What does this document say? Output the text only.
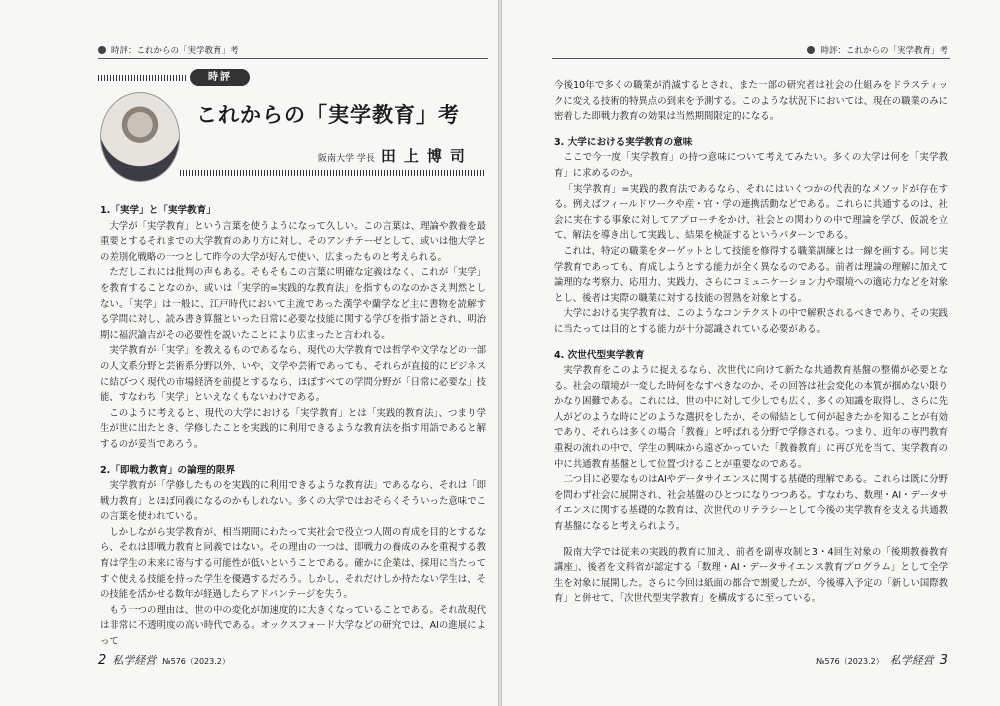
時評：これからの「実学教育」考
時評
これからの「実学教育」考
阪南大学 学長 田上博司
1.「実学」と「実学教育」

大学が「実学教育」という言葉を使うようになって久しい。この言葉は、理論や教養を最重要とするそれまでの大学教育のあり方に対し、そのアンチテーゼとして、或いは他大学との差別化戦略の一つとして昨今の大学が好んで使い、広まったものと考えられる。

ただしこれには批判の声もある。そもそもこの言葉に明確な定義はなく、これが「実学」を教育することなのか、或いは「実学的=実践的な教育法」を指すものなのかさえ判然としない。「実学」は一般に、江戸時代において主流であった漢学や蘭学など主に書物を読解する学問に対し、読み書き算盤といった日常に必要な技能に関する学びを指す語とされ、明治期に福沢諭吉がその必要性を説いたことにより広まったと言われる。

実学教育が「実学」を教えるものであるなら、現代の大学教育では哲学や文学などの一部の人文系分野と芸術系分野以外、いや、文学や芸術であっても、それらが直接的にビジネスに結びつく現代の市場経済を前提とするなら、ほぼすべての学問分野が「日常に必要な」技能、すなわち「実学」といえなくもないわけである。

このように考えると、現代の大学における「実学教育」とは「実践的教育法」、つまり学生が世に出たとき、学修したことを実践的に利用できるような教育法を指す用語であると解するのが妥当であろう。

2.「即戦力教育」の論理的限界

実学教育が「学修したものを実践的に利用できるような教育法」であるなら、それは「即戦力教育」とほぼ同義になるのかもしれない。多くの大学ではおそらくそういった意味でこの言葉を使われている。

しかしながら実学教育が、相当期間にわたって実社会で役立つ人間の育成を目的とするなら、それは即戦力教育と同義ではない。その理由の一つは、即戦力の養成のみを重視する教育は学生の未来に寄与する可能性が低いということである。確かに企業は、採用に当たってすぐ使える技能を持った学生を優遇するだろう。しかし、それだけしか持たない学生は、その技能を活かせる数年が経過したらアドバンテージを失う。

もう一つの理由は、世の中の変化が加速度的に大きくなっていることである。それ故現代は非常に不透明度の高い時代である。オックスフォード大学などの研究では、AIの進展によって

2 私学経営 №576（2023.2）
時評：これからの「実学教育」考

今後10年で多くの職業が消滅するとされ、また一部の研究者は社会の仕組みをドラスティックに変える技術的特異点の到来を予測する。このような状況下においては、現在の職業のみに密着した即戦力教育の効果は当然期間限定的になる。

3. 大学における実学教育の意味

ここで今一度「実学教育」の持つ意味について考えてみたい。多くの大学は何を「実学教育」に求めるのか。

「実学教育」=実践的教育法であるなら、それにはいくつかの代表的なメソッドが存在する。例えばフィールドワークや産・官・学の連携活動などである。これらに共通するのは、社会に実在する事象に対してアプローチをかけ、社会との関わりの中で理論を学び、仮説を立て、解法を導き出して実践し、結果を検証するというパターンである。

これは、特定の職業をターゲットとして技能を修得する職業訓練とは一線を画する。同じ実学教育であっても、育成しようとする能力が全く異なるのである。前者は理論の理解に加えて論理的な考察力、応用力、実践力、さらにコミュニケーション力や環境への適応力などを対象とし、後者は実際の職業に対する技能の習熟を対象とする。

大学における実学教育は、このようなコンテクストの中で解釈されるべきであり、その実践に当たっては目的とする能力が十分認識されている必要がある。

4. 次世代型実学教育

実学教育をこのように捉えるなら、次世代に向けて新たな共通教育基盤の整備が必要となる。社会の環境が一変した時何をなすべきなのか、その回答は社会変化の本質が掴めない限りかなり困難である。これには、世の中に対して少しでも広く、多くの知識を取得し、さらに先人がどのような時にどのような選択をしたか、その帰結として何が起きたかを知ることが有効であり、それらは多くの場合「教養」と呼ばれる分野で学修される。つまり、近年の専門教育重視の流れの中で、学生の興味から遠ざかっていた「教養教育」に再び光を当て、実学教育の中に共通教育基盤として位置づけることが重要なのである。

二つ目に必要なものはAIやデータサイエンスに関する基礎的理解である。これらは既に分野を問わず社会に展開され、社会基盤のひとつになりつつある。すなわち、数理・AI・データサイエンスに関する基礎的な教育は、次世代のリテラシーとして今後の実学教育を支える共通教育基盤になると考えられよう。

阪南大学では従来の実践的教育に加え、前者を副専攻制と3・4回生対象の「後期教養教育講座」、後者を文科省が認定する「数理・AI・データサイエンス教育プログラム」として全学生を対象に展開した。さらに今回は紙面の都合で割愛したが、今後導入予定の「新しい国際教育」と併せて、「次世代型実学教育」を構成するに至っている。

№576（2023.2） 私学経営 3
